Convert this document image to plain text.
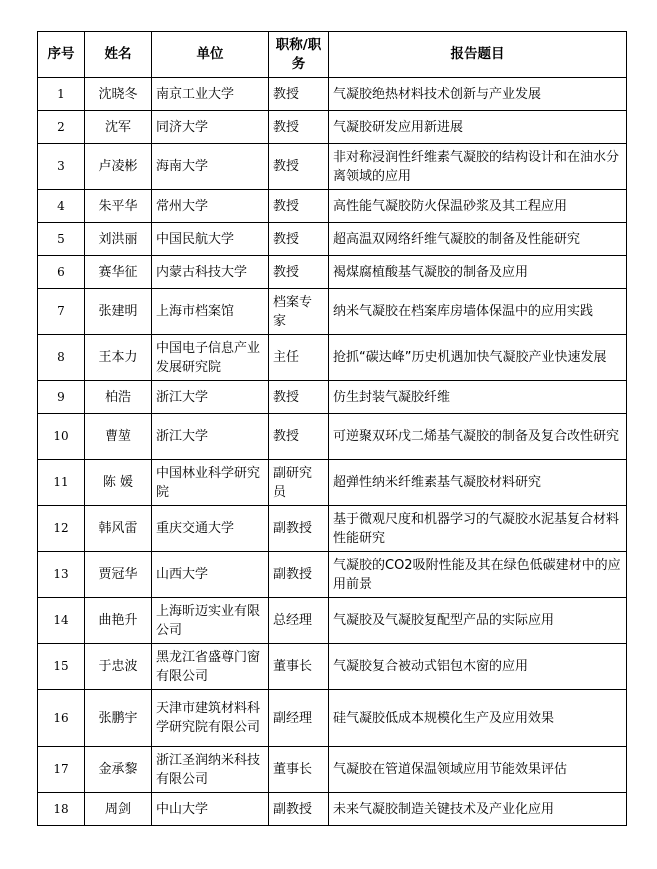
序号	姓名	单位	职称/职务	报告题目
1	沈晓冬	南京工业大学	教授	气凝胶绝热材料技术创新与产业发展
2	沈军	同济大学	教授	气凝胶研发应用新进展
3	卢凌彬	海南大学	教授	非对称浸润性纤维素气凝胶的结构设计和在油水分离领域的应用
4	朱平华	常州大学	教授	高性能气凝胶防火保温砂浆及其工程应用
5	刘洪丽	中国民航大学	教授	超高温双网络纤维气凝胶的制备及性能研究
6	赛华征	内蒙古科技大学	教授	褐煤腐植酸基气凝胶的制备及应用
7	张建明	上海市档案馆	档案专家	纳米气凝胶在档案库房墙体保温中的应用实践
8	王本力	中国电子信息产业发展研究院	主任	抢抓“碳达峰”历史机遇加快气凝胶产业快速发展
9	柏浩	浙江大学	教授	仿生封装气凝胶纤维
10	曹堃	浙江大学	教授	可逆聚双环戊二烯基气凝胶的制备及复合改性研究
11	陈 媛	中国林业科学研究院	副研究员	超弹性纳米纤维素基气凝胶材料研究
12	韩风雷	重庆交通大学	副教授	基于微观尺度和机器学习的气凝胶水泥基复合材料性能研究
13	贾冠华	山西大学	副教授	气凝胶的CO2吸附性能及其在绿色低碳建材中的应用前景
14	曲艳升	上海昕迈实业有限公司	总经理	气凝胶及气凝胶复配型产品的实际应用
15	于忠波	黑龙江省盛尊门窗有限公司	董事长	气凝胶复合被动式铝包木窗的应用
16	张鹏宇	天津市建筑材料科学研究院有限公司	副经理	硅气凝胶低成本规模化生产及应用效果
17	金承黎	浙江圣润纳米科技有限公司	董事长	气凝胶在管道保温领域应用节能效果评估
18	周剑	中山大学	副教授	未来气凝胶制造关键技术及产业化应用
